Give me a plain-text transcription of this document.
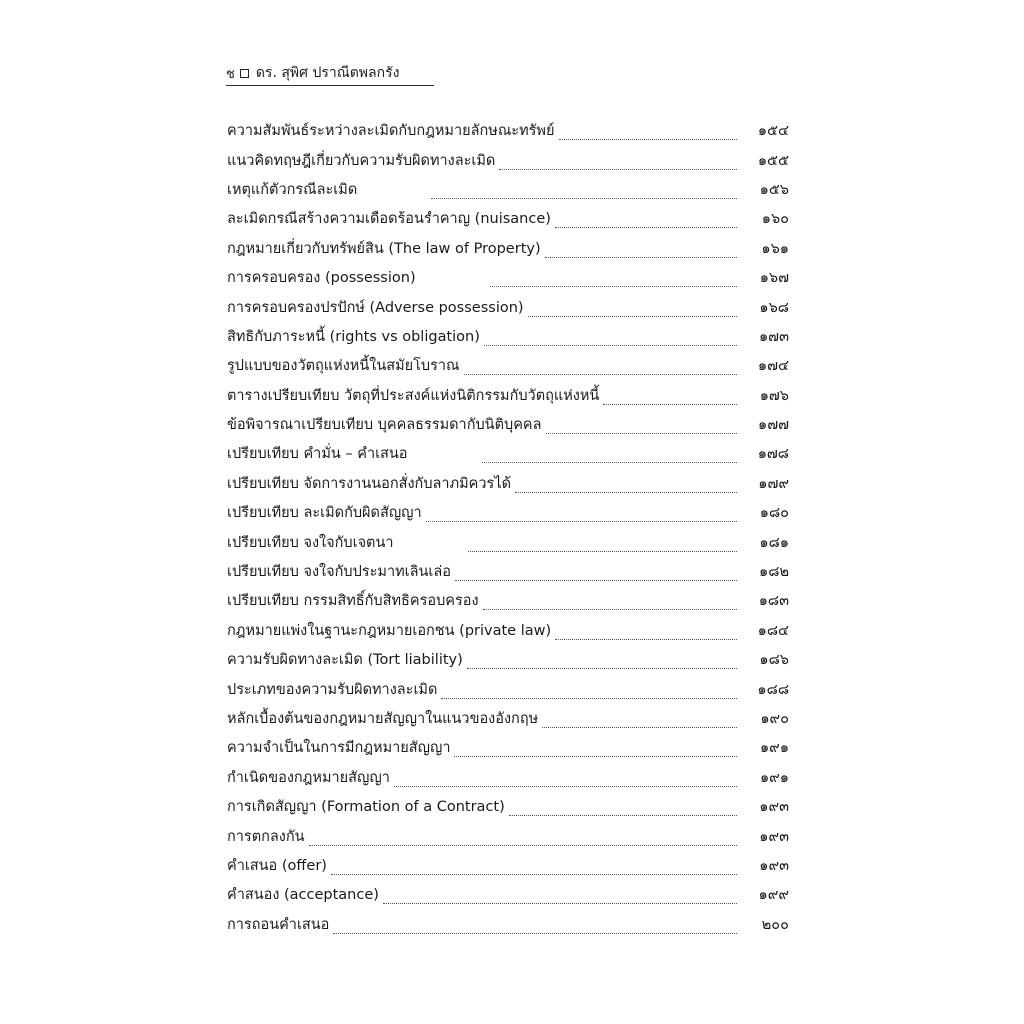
ช ดร. สุพิศ ปราณีตพลกรัง
ความสัมพันธ์ระหว่างละเมิดกับกฎหมายลักษณะทรัพย์	๑๕๔
แนวคิดทฤษฎีเกี่ยวกับความรับผิดทางละเมิด	๑๕๕
เหตุแก้ตัวกรณีละเมิด	๑๕๖
ละเมิดกรณีสร้างความเดือดร้อนรำคาญ (nuisance)	๑๖๐
กฎหมายเกี่ยวกับทรัพย์สิน (The law of Property)	๑๖๑
การครอบครอง (possession)	๑๖๗
การครอบครองปรปักษ์ (Adverse possession)	๑๖๘
สิทธิกับภาระหนี้ (rights vs obligation)	๑๗๓
รูปแบบของวัตถุแห่งหนี้ในสมัยโบราณ	๑๗๔
ตารางเปรียบเทียบ วัตถุที่ประสงค์แห่งนิติกรรมกับวัตถุแห่งหนี้	๑๗๖
ข้อพิจารณาเปรียบเทียบ บุคคลธรรมดากับนิติบุคคล	๑๗๗
เปรียบเทียบ คำมั่น – คำเสนอ	๑๗๘
เปรียบเทียบ จัดการงานนอกสั่งกับลาภมิควรได้	๑๗๙
เปรียบเทียบ ละเมิดกับผิดสัญญา	๑๘๐
เปรียบเทียบ จงใจกับเจตนา	๑๘๑
เปรียบเทียบ จงใจกับประมาทเลินเล่อ	๑๘๒
เปรียบเทียบ กรรมสิทธิ์กับสิทธิครอบครอง	๑๘๓
กฎหมายแพ่งในฐานะกฎหมายเอกชน (private law)	๑๘๔
ความรับผิดทางละเมิด (Tort liability)	๑๘๖
ประเภทของความรับผิดทางละเมิด	๑๘๘
หลักเบื้องต้นของกฎหมายสัญญาในแนวของอังกฤษ	๑๙๐
ความจำเป็นในการมีกฎหมายสัญญา	๑๙๑
กำเนิดของกฎหมายสัญญา	๑๙๑
การเกิดสัญญา (Formation of a Contract)	๑๙๓
การตกลงกัน	๑๙๓
คำเสนอ (offer)	๑๙๓
คำสนอง (acceptance)	๑๙๙
การถอนคำเสนอ	๒๐๐
